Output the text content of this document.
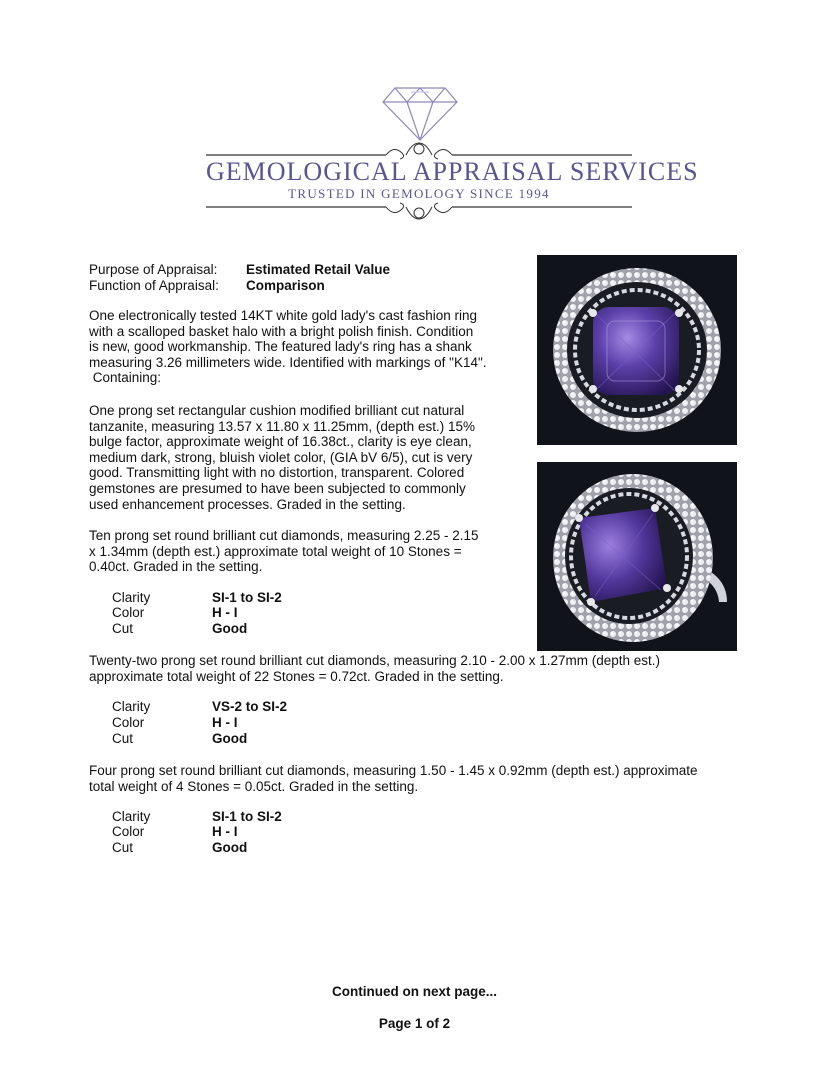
GEMOLOGICAL APPRAISAL SERVICES
TRUSTED IN GEMOLOGY SINCE 1994
Purpose of Appraisal: Estimated Retail Value
Function of Appraisal: Comparison
One electronically tested 14KT white gold lady's cast fashion ring
with a scalloped basket halo with a bright polish finish. Condition
is new, good workmanship. The featured lady's ring has a shank
measuring 3.26 millimeters wide. Identified with markings of "K14".
Containing:
One prong set rectangular cushion modified brilliant cut natural
tanzanite, measuring 13.57 x 11.80 x 11.25mm, (depth est.) 15%
bulge factor, approximate weight of 16.38ct., clarity is eye clean,
medium dark, strong, bluish violet color, (GIA bV 6/5), cut is very
good. Transmitting light with no distortion, transparent. Colored
gemstones are presumed to have been subjected to commonly
used enhancement processes. Graded in the setting.
Ten prong set round brilliant cut diamonds, measuring 2.25 - 2.15
x 1.34mm (depth est.) approximate total weight of 10 Stones =
0.40ct. Graded in the setting.
Clarity	SI-1 to SI-2
Color	H - I
Cut	Good
Twenty-two prong set round brilliant cut diamonds, measuring 2.10 - 2.00 x 1.27mm (depth est.)
approximate total weight of 22 Stones = 0.72ct. Graded in the setting.
Clarity	VS-2 to SI-2
Color	H - I
Cut	Good
Four prong set round brilliant cut diamonds, measuring 1.50 - 1.45 x 0.92mm (depth est.) approximate
total weight of 4 Stones = 0.05ct. Graded in the setting.
Clarity	SI-1 to SI-2
Color	H - I
Cut	Good
Continued on next page...
Page 1 of 2
